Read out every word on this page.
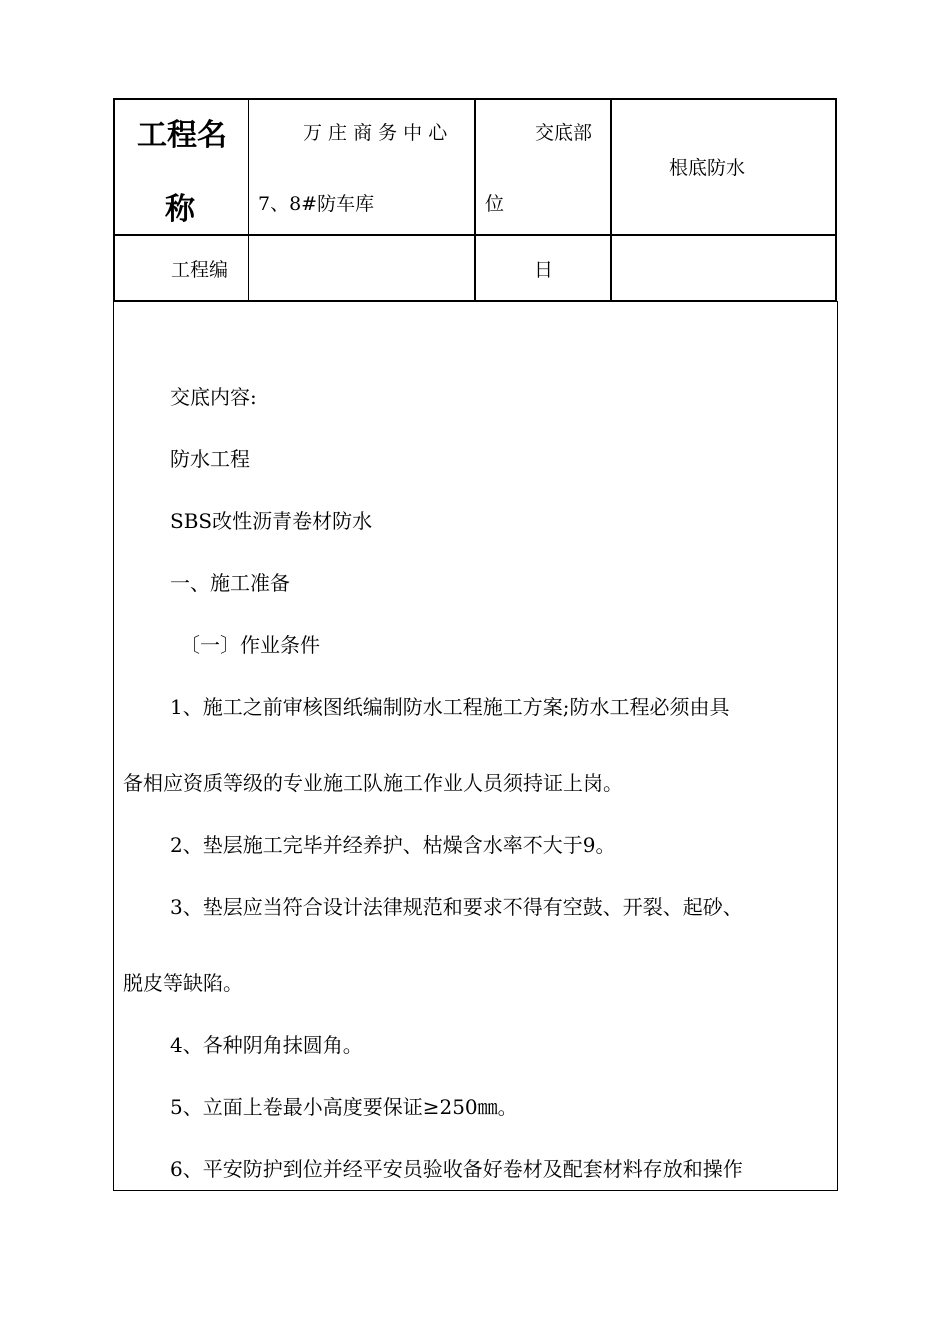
工程名
称
万 庄 商 务 中 心
7、8#防车库
交底部
位
根底防水
工程编	日
交底内容:
防水工程
SBS改性沥青卷材防水
一、施工准备
〔一〕作业条件
1、施工之前审核图纸编制防水工程施工方案;防水工程必须由具
备相应资质等级的专业施工队施工作业人员须持证上岗。
2、垫层施工完毕并经养护、枯燥含水率不大于9。
3、垫层应当符合设计法律规范和要求不得有空鼓、开裂、起砂、
脱皮等缺陷。
4、各种阴角抹圆角。
5、立面上卷最小高度要保证≥250㎜。
6、平安防护到位并经平安员验收备好卷材及配套材料存放和操作
